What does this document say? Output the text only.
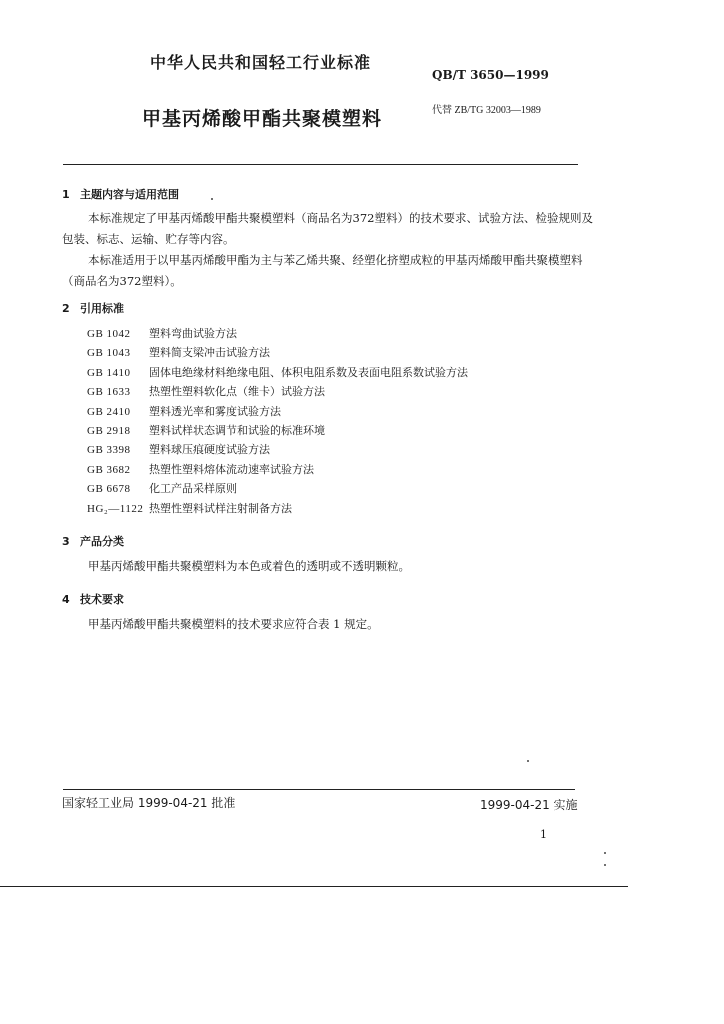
中华人民共和国轻工行业标准
QB/T 3650—1999
甲基丙烯酸甲酯共聚模塑料	代替 ZB/TG 32003—1989
1 主题内容与适用范围
本标准规定了甲基丙烯酸甲酯共聚模塑料（商品名为372塑料）的技术要求、试验方法、检验规则及包装、标志、运输、贮存等内容。
本标准适用于以甲基丙烯酸甲酯为主与苯乙烯共聚、经塑化挤塑成粒的甲基丙烯酸甲酯共聚模塑料（商品名为372塑料）。
2 引用标准
GB 1042 塑料弯曲试验方法
GB 1043 塑料简支梁冲击试验方法
GB 1410 固体电绝缘材料绝缘电阻、体积电阻系数及表面电阻系数试验方法
GB 1633 热塑性塑料软化点（维卡）试验方法
GB 2410 塑料透光率和雾度试验方法
GB 2918 塑料试样状态调节和试验的标准环境
GB 3398 塑料球压痕硬度试验方法
GB 3682 热塑性塑料熔体流动速率试验方法
GB 6678 化工产品采样原则
HG₂—1122 热塑性塑料试样注射制备方法
3 产品分类
甲基丙烯酸甲酯共聚模塑料为本色或着色的透明或不透明颗粒。
4 技术要求
甲基丙烯酸甲酯共聚模塑料的技术要求应符合表 1 规定。
国家轻工业局 1999-04-21 批准	1999-04-21 实施
1
